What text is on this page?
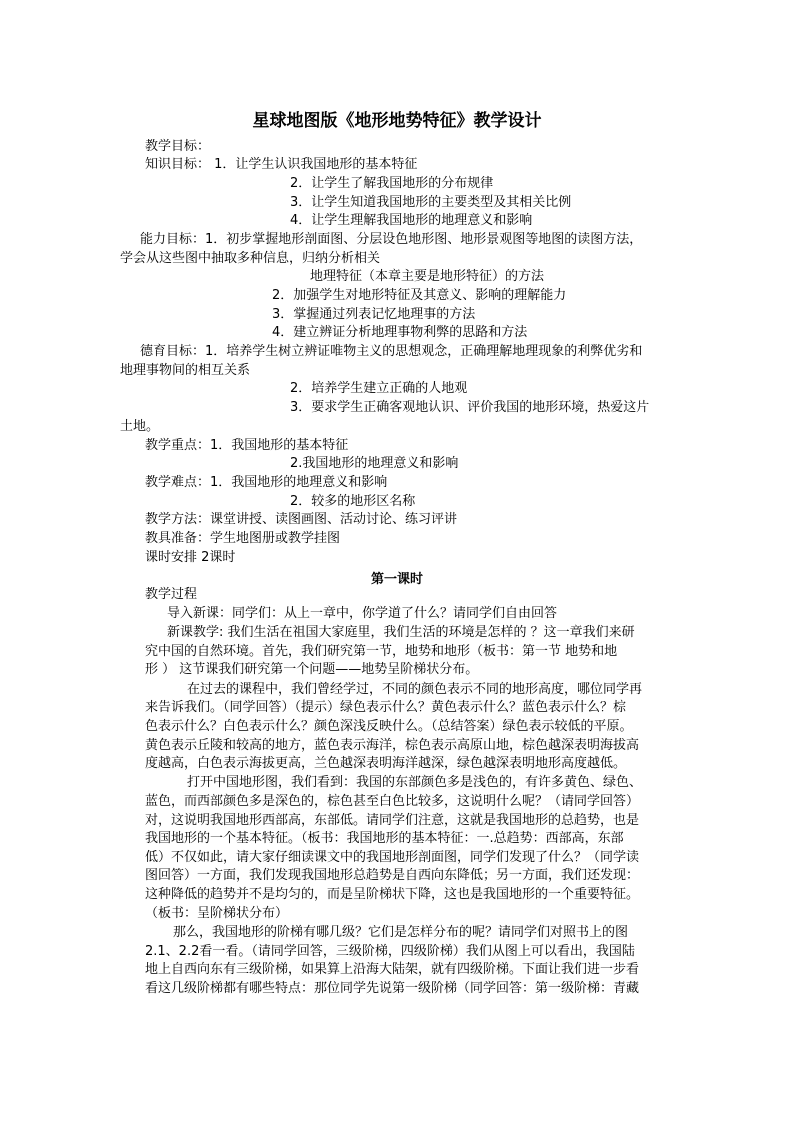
星球地图版《地形地势特征》教学设计
教学目标：
知识目标： 1．让学生认识我国地形的基本特征
2．让学生了解我国地形的分布规律
3．让学生知道我国地形的主要类型及其相关比例
4．让学生理解我国地形的地理意义和影响
能力目标：1．初步掌握地形剖面图、分层设色地形图、地形景观图等地图的读图方法，
学会从这些图中抽取多种信息，归纳分析相关
地理特征（本章主要是地形特征）的方法
2．加强学生对地形特征及其意义、影响的理解能力
3．掌握通过列表记忆地理事的方法
4．建立辨证分析地理事物利弊的思路和方法
德育目标：1．培养学生树立辨证唯物主义的思想观念，正确理解地理现象的利弊优劣和
地理事物间的相互关系
2．培养学生建立正确的人地观
3．要求学生正确客观地认识、评价我国的地形环境，热爱这片
土地。
教学重点：1．我国地形的基本特征
2.我国地形的地理意义和影响
教学难点：1．我国地形的地理意义和影响
2．较多的地形区名称
教学方法：课堂讲授、读图画图、活动讨论、练习评讲
教具准备：学生地图册或教学挂图
课时安排 2课时
第一课时
教学过程
导入新课：同学们：从上一章中，你学道了什么？请同学们自由回答
新课教学: 我们生活在祖国大家庭里，我们生活的环境是怎样的 ？这一章我们来研
究中国的自然环境。首先，我们研究第一节，地势和地形（板书：第一节 地势和地
形 ） 这节课我们研究第一个问题——地势呈阶梯状分布。
在过去的课程中，我们曾经学过，不同的颜色表示不同的地形高度，哪位同学再
来告诉我们。（同学回答）（提示）绿色表示什么？黄色表示什么？蓝色表示什么？棕
色表示什么？白色表示什么？颜色深浅反映什么。（总结答案）绿色表示较低的平原。
黄色表示丘陵和较高的地方，蓝色表示海洋，棕色表示高原山地，棕色越深表明海拔高
度越高，白色表示海拔更高，兰色越深表明海洋越深，绿色越深表明地形高度越低。
打开中国地形图，我们看到：我国的东部颜色多是浅色的，有许多黄色、绿色、
蓝色，而西部颜色多是深色的，棕色甚至白色比较多，这说明什么呢？（请同学回答）
对，这说明我国地形西部高，东部低。请同学们注意，这就是我国地形的总趋势，也是
我国地形的一个基本特征。（板书：我国地形的基本特征：一.总趋势：西部高，东部
低）不仅如此，请大家仔细读课文中的我国地形剖面图，同学们发现了什么？（同学读
图回答）一方面，我们发现我国地形总趋势是自西向东降低；另一方面，我们还发现：
这种降低的趋势并不是均匀的，而是呈阶梯状下降，这也是我国地形的一个重要特征。
（板书：呈阶梯状分布）
那么，我国地形的阶梯有哪几级？它们是怎样分布的呢？请同学们对照书上的图
2.1、2.2看一看。（请同学回答，三级阶梯，四级阶梯）我们从图上可以看出，我国陆
地上自西向东有三级阶梯，如果算上沿海大陆架，就有四级阶梯。下面让我们进一步看
看这几级阶梯都有哪些特点：那位同学先说第一级阶梯（同学回答：第一级阶梯：青藏
